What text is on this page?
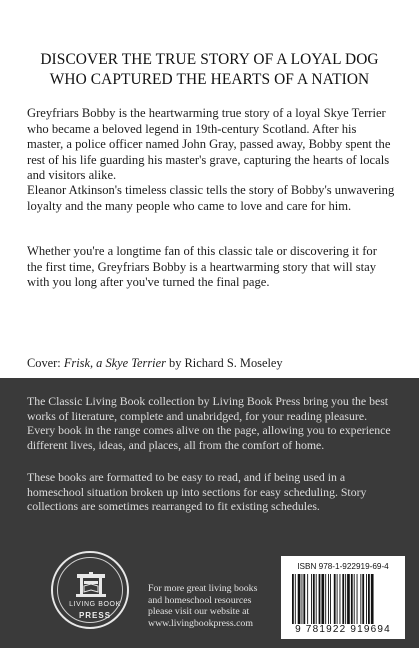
DISCOVER THE TRUE STORY OF A LOYAL DOG
WHO CAPTURED THE HEARTS OF A NATION

Greyfriars Bobby is the heartwarming true story of a loyal Skye Terrier who became a beloved legend in 19th-century Scotland. After his master, a police officer named John Gray, passed away, Bobby spent the rest of his life guarding his master's grave, capturing the hearts of locals and visitors alike.

Eleanor Atkinson's timeless classic tells the story of Bobby's unwavering loyalty and the many people who came to love and care for him.

Whether you're a longtime fan of this classic tale or discovering it for the first time, Greyfriars Bobby is a heartwarming story that will stay with you long after you've turned the final page.

Cover: Frisk, a Skye Terrier by Richard S. Moseley

The Classic Living Book collection by Living Book Press bring you the best works of literature, complete and unabridged, for your reading pleasure. Every book in the range comes alive on the page, allowing you to experience different lives, ideas, and places, all from the comfort of home.

These books are formatted to be easy to read, and if being used in a homeschool situation broken up into sections for easy scheduling. Story collections are sometimes rearranged to fit existing schedules.

LIVING BOOK
PRESS
For more great living books
and homeschool resources
please visit our website at
www.livingbookpress.com
ISBN 978-1-922919-69-4
9 781922 919694
